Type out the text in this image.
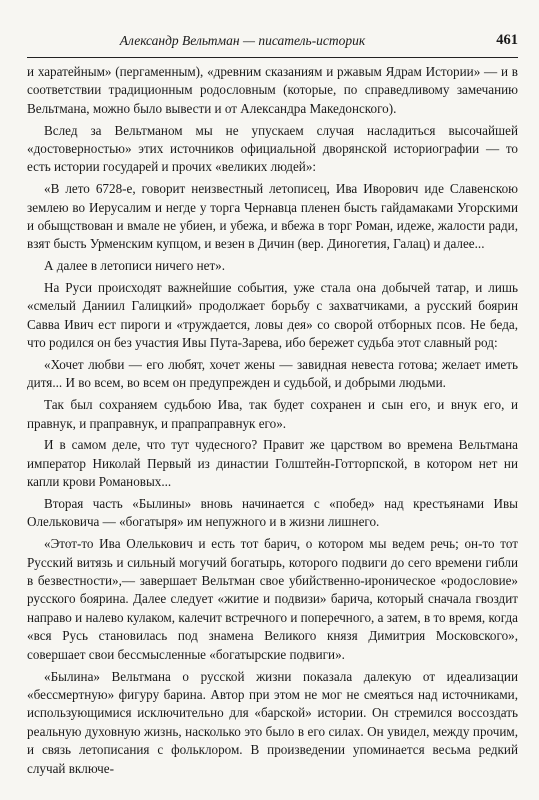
Александр Вельтман — писатель-историк	461

и харатейным» (пергаменным), «древним сказаниям и ржавым Ядрам Истории» — и в соответствии традиционным родословным (которые, по справедливому замечанию Вельтмана, можно было вывести и от Александра Македонского).

Вслед за Вельтманом мы не упускаем случая насладиться высочайшей «достоверностью» этих источников официальной дворянской историографии — то есть истории государей и прочих «великих людей»:

«В лето 6728-е, говорит неизвестный летописец, Ива Иворович иде Славенскою землею во Иерусалим и негде у торга Чернавца пленен бысть гайдамаками Угорскими и обыщствован и вмале не убиен, и убежа, и вбежа в торг Роман, идеже, жалости ради, взят бысть Урменским купцом, и везен в Дичин (вер. Диногетия, Галац) и далее...

А далее в летописи ничего нет».

На Руси происходят важнейшие события, уже стала она добычей татар, и лишь «смелый Даниил Галицкий» продолжает борьбу с захватчиками, а русский боярин Савва Ивич ест пироги и «труждается, ловы дея» со сворой отборных псов. Не беда, что родился он без участия Ивы Пута-Зарева, ибо бережет судьба этот славный род:

«Хочет любви — его любят, хочет жены — завидная невеста готова; желает иметь дитя... И во всем, во всем он предупрежден и судьбой, и добрыми людьми.

Так был сохраняем судьбою Ива, так будет сохранен и сын его, и внук его, и правнук, и праправнук, и прапраправнук его».

И в самом деле, что тут чудесного? Правит же царством во времена Вельтмана император Николай Первый из династии Голштейн-Готторпской, в котором нет ни капли крови Романовых...

Вторая часть «Былины» вновь начинается с «побед» над крестьянами Ивы Олельковича — «богатыря» им непужного и в жизни лишнего.

«Этот-то Ива Олелькович и есть тот барич, о котором мы ведем речь; он-то тот Русский витязь и сильный могучий богатырь, которого подвиги до сего времени гибли в безвестности»,— завершает Вельтман свое убийственно-ироническое «родословие» русского боярина. Далее следует «житие и подвизи» барича, который сначала гвоздит направо и налево кулаком, калечит встречного и поперечного, а затем, в то время, когда «вся Русь становилась под знамена Великого князя Димитрия Московского», совершает свои бессмысленные «богатырские подвиги».

«Былина» Вельтмана о русской жизни показала далекую от идеализации «бессмертную» фигуру барина. Автор при этом не мог не смеяться над источниками, использующимися исключительно для «барской» истории. Он стремился воссоздать реальную духовную жизнь, насколько это было в его силах. Он увидел, между прочим, и связь летописания с фольклором. В произведении упоминается весьма редкий случай включе-
